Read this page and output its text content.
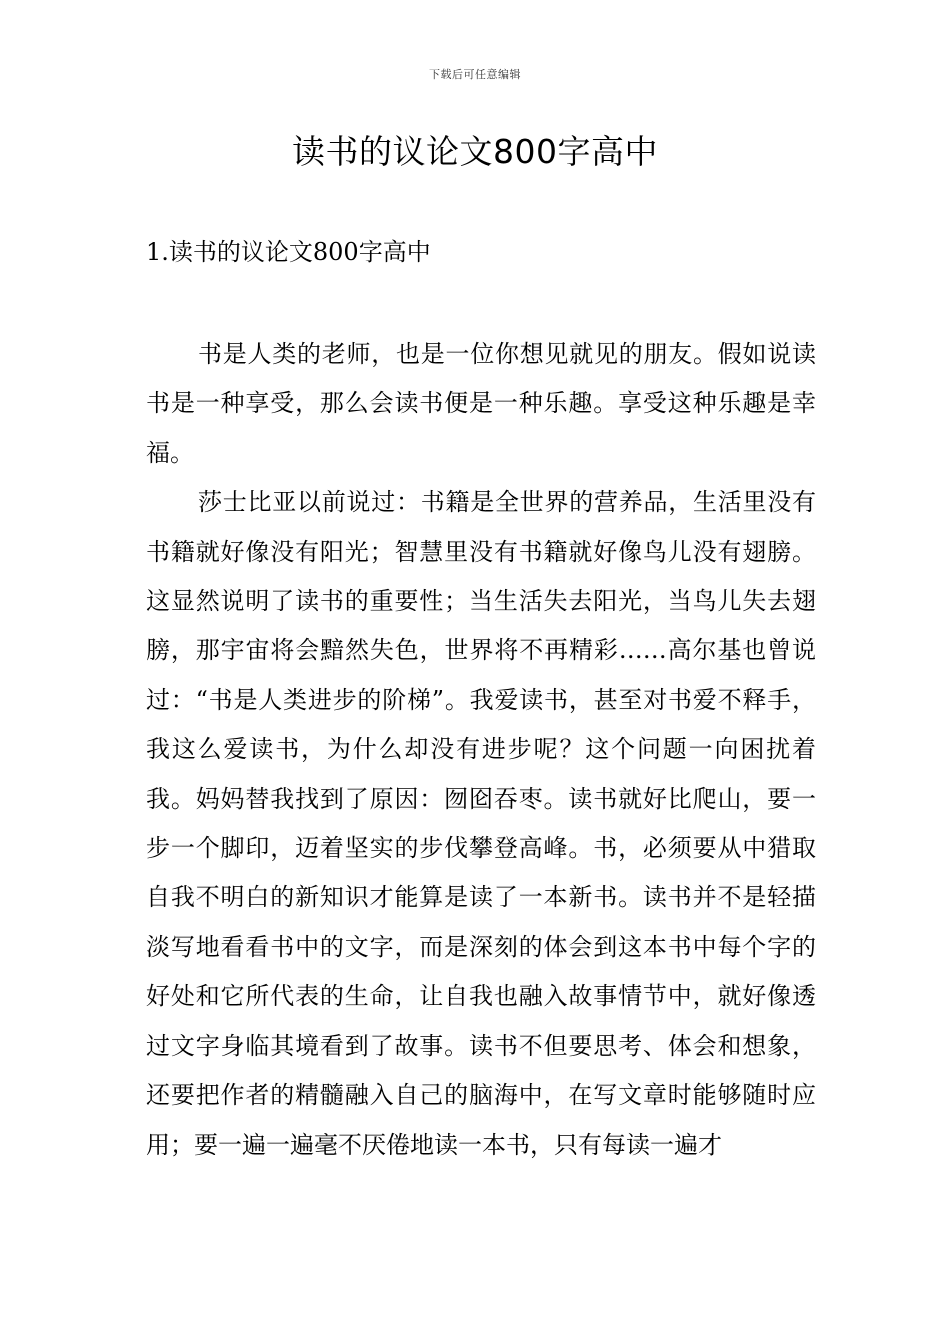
下载后可任意编辑
读书的议论文800字高中
1.读书的议论文800字高中

书是人类的老师，也是一位你想见就见的朋友。假如说读书是一种享受，那么会读书便是一种乐趣。享受这种乐趣是幸福。

莎士比亚以前说过：书籍是全世界的营养品，生活里没有书籍就好像没有阳光；智慧里没有书籍就好像鸟儿没有翅膀。这显然说明了读书的重要性；当生活失去阳光，当鸟儿失去翅膀，那宇宙将会黯然失色，世界将不再精彩……高尔基也曾说过：“书是人类进步的阶梯”。我爱读书，甚至对书爱不释手，我这么爱读书，为什么却没有进步呢？这个问题一向困扰着我。妈妈替我找到了原因：囫囵吞枣。读书就好比爬山，要一步一个脚印，迈着坚实的步伐攀登高峰。书，必须要从中猎取自我不明白的新知识才能算是读了一本新书。读书并不是轻描淡写地看看书中的文字，而是深刻的体会到这本书中每个字的好处和它所代表的生命，让自我也融入故事情节中，就好像透过文字身临其境看到了故事。读书不但要思考、体会和想象，还要把作者的精髓融入自己的脑海中，在写文章时能够随时应用；要一遍一遍毫不厌倦地读一本书，只有每读一遍才
